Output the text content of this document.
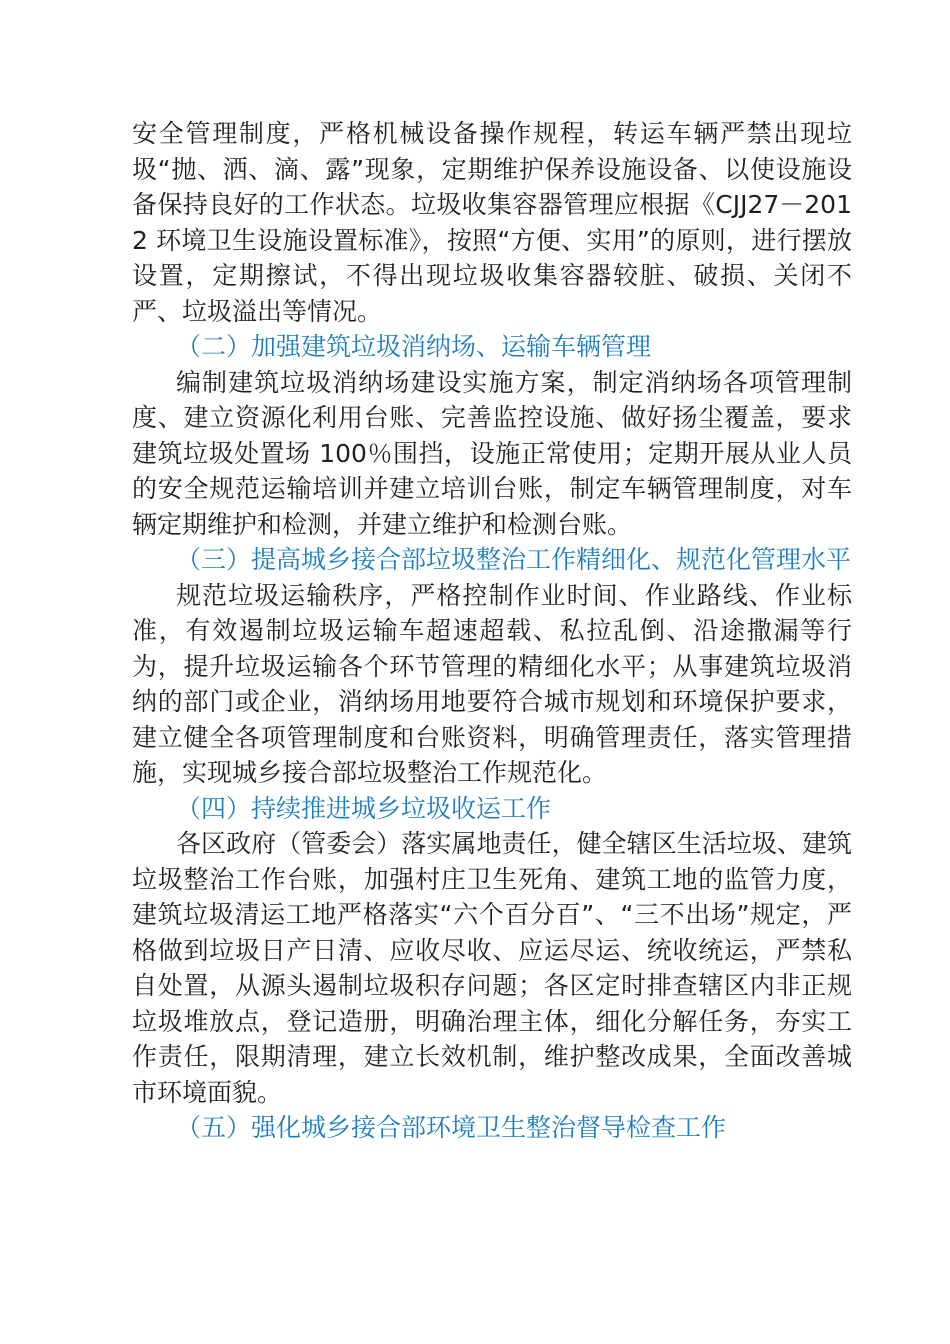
安全管理制度，严格机械设备操作规程，转运车辆严禁出现垃圾“抛、洒、滴、露”现象，定期维护保养设施设备、以使设施设备保持良好的工作状态。垃圾收集容器管理应根据《CJJ27－2012 环境卫生设施设置标准》，按照“方便、实用”的原则，进行摆放设置，定期擦试，不得出现垃圾收集容器较脏、破损、关闭不严、垃圾溢出等情况。

（二）加强建筑垃圾消纳场、运输车辆管理

编制建筑垃圾消纳场建设实施方案，制定消纳场各项管理制度、建立资源化利用台账、完善监控设施、做好扬尘覆盖，要求建筑垃圾处置场 100％围挡，设施正常使用；定期开展从业人员的安全规范运输培训并建立培训台账，制定车辆管理制度，对车辆定期维护和检测，并建立维护和检测台账。

（三）提高城乡接合部垃圾整治工作精细化、规范化管理水平

规范垃圾运输秩序，严格控制作业时间、作业路线、作业标准，有效遏制垃圾运输车超速超载、私拉乱倒、沿途撒漏等行为，提升垃圾运输各个环节管理的精细化水平；从事建筑垃圾消纳的部门或企业，消纳场用地要符合城市规划和环境保护要求，建立健全各项管理制度和台账资料，明确管理责任，落实管理措施，实现城乡接合部垃圾整治工作规范化。

（四）持续推进城乡垃圾收运工作

各区政府（管委会）落实属地责任，健全辖区生活垃圾、建筑垃圾整治工作台账，加强村庄卫生死角、建筑工地的监管力度，建筑垃圾清运工地严格落实“六个百分百”、“三不出场”规定，严格做到垃圾日产日清、应收尽收、应运尽运、统收统运，严禁私自处置，从源头遏制垃圾积存问题；各区定时排查辖区内非正规垃圾堆放点，登记造册，明确治理主体，细化分解任务，夯实工作责任，限期清理，建立长效机制，维护整改成果，全面改善城市环境面貌。

（五）强化城乡接合部环境卫生整治督导检查工作
